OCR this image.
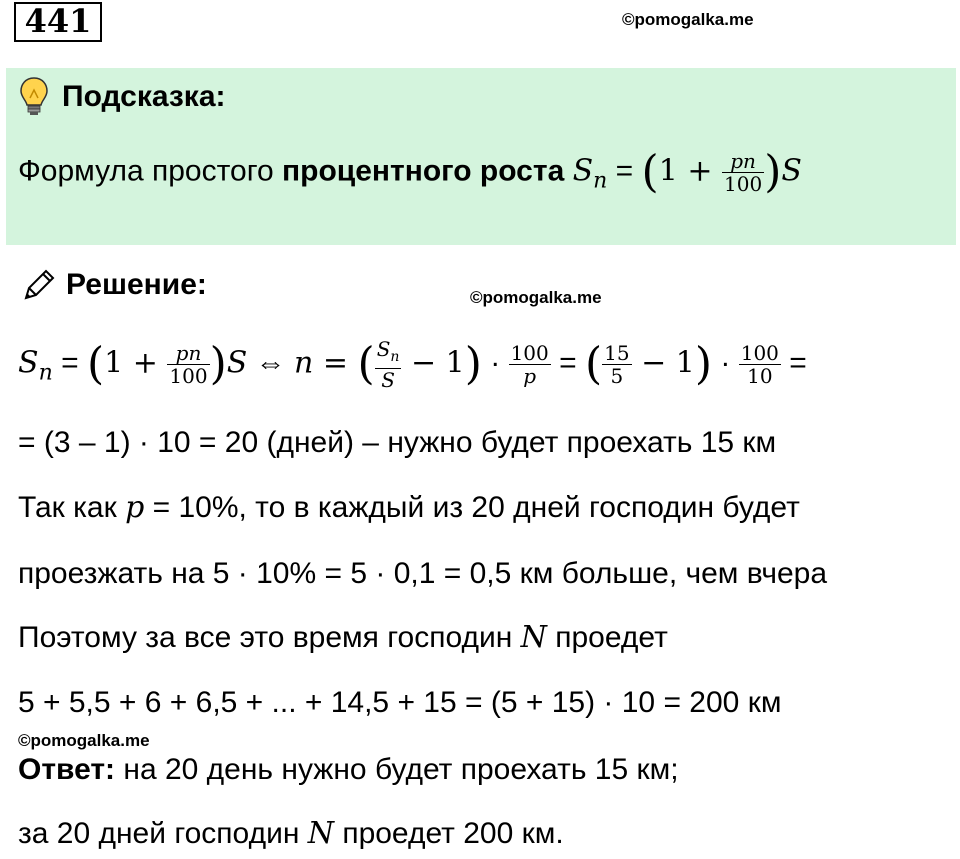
441	©pomogalka.me
Подсказка:
Формула простого процентного роста $S_n = (1 + \frac{pn}{100} )S$
Решение:	©pomogalka.me
$S_n = (1 + \frac{pn}{100} )S$ ⇔ n = ( $\frac{S_n}{S} - 1) \cdot \frac{100}{p}$ = ( $\frac{15}{5} - 1) \cdot \frac{100}{10}$ =
= (3 – 1) · 10 = 20 (дней) – нужно будет проехать 15 км
Так как p = 10%, то в каждый из 20 дней господин будет
проезжать на 5 · 10% = 5 · 0,1 = 0,5 км больше, чем вчера
Поэтому за все это время господин N проедет
5 + 5,5 + 6 + 6,5 + ... + 14,5 + 15 = (5 + 15) · 10 = 200 км
©pomogalka.me
Ответ: на 20 день нужно будет проехать 15 км;
за 20 дней господин N проедет 200 км.
